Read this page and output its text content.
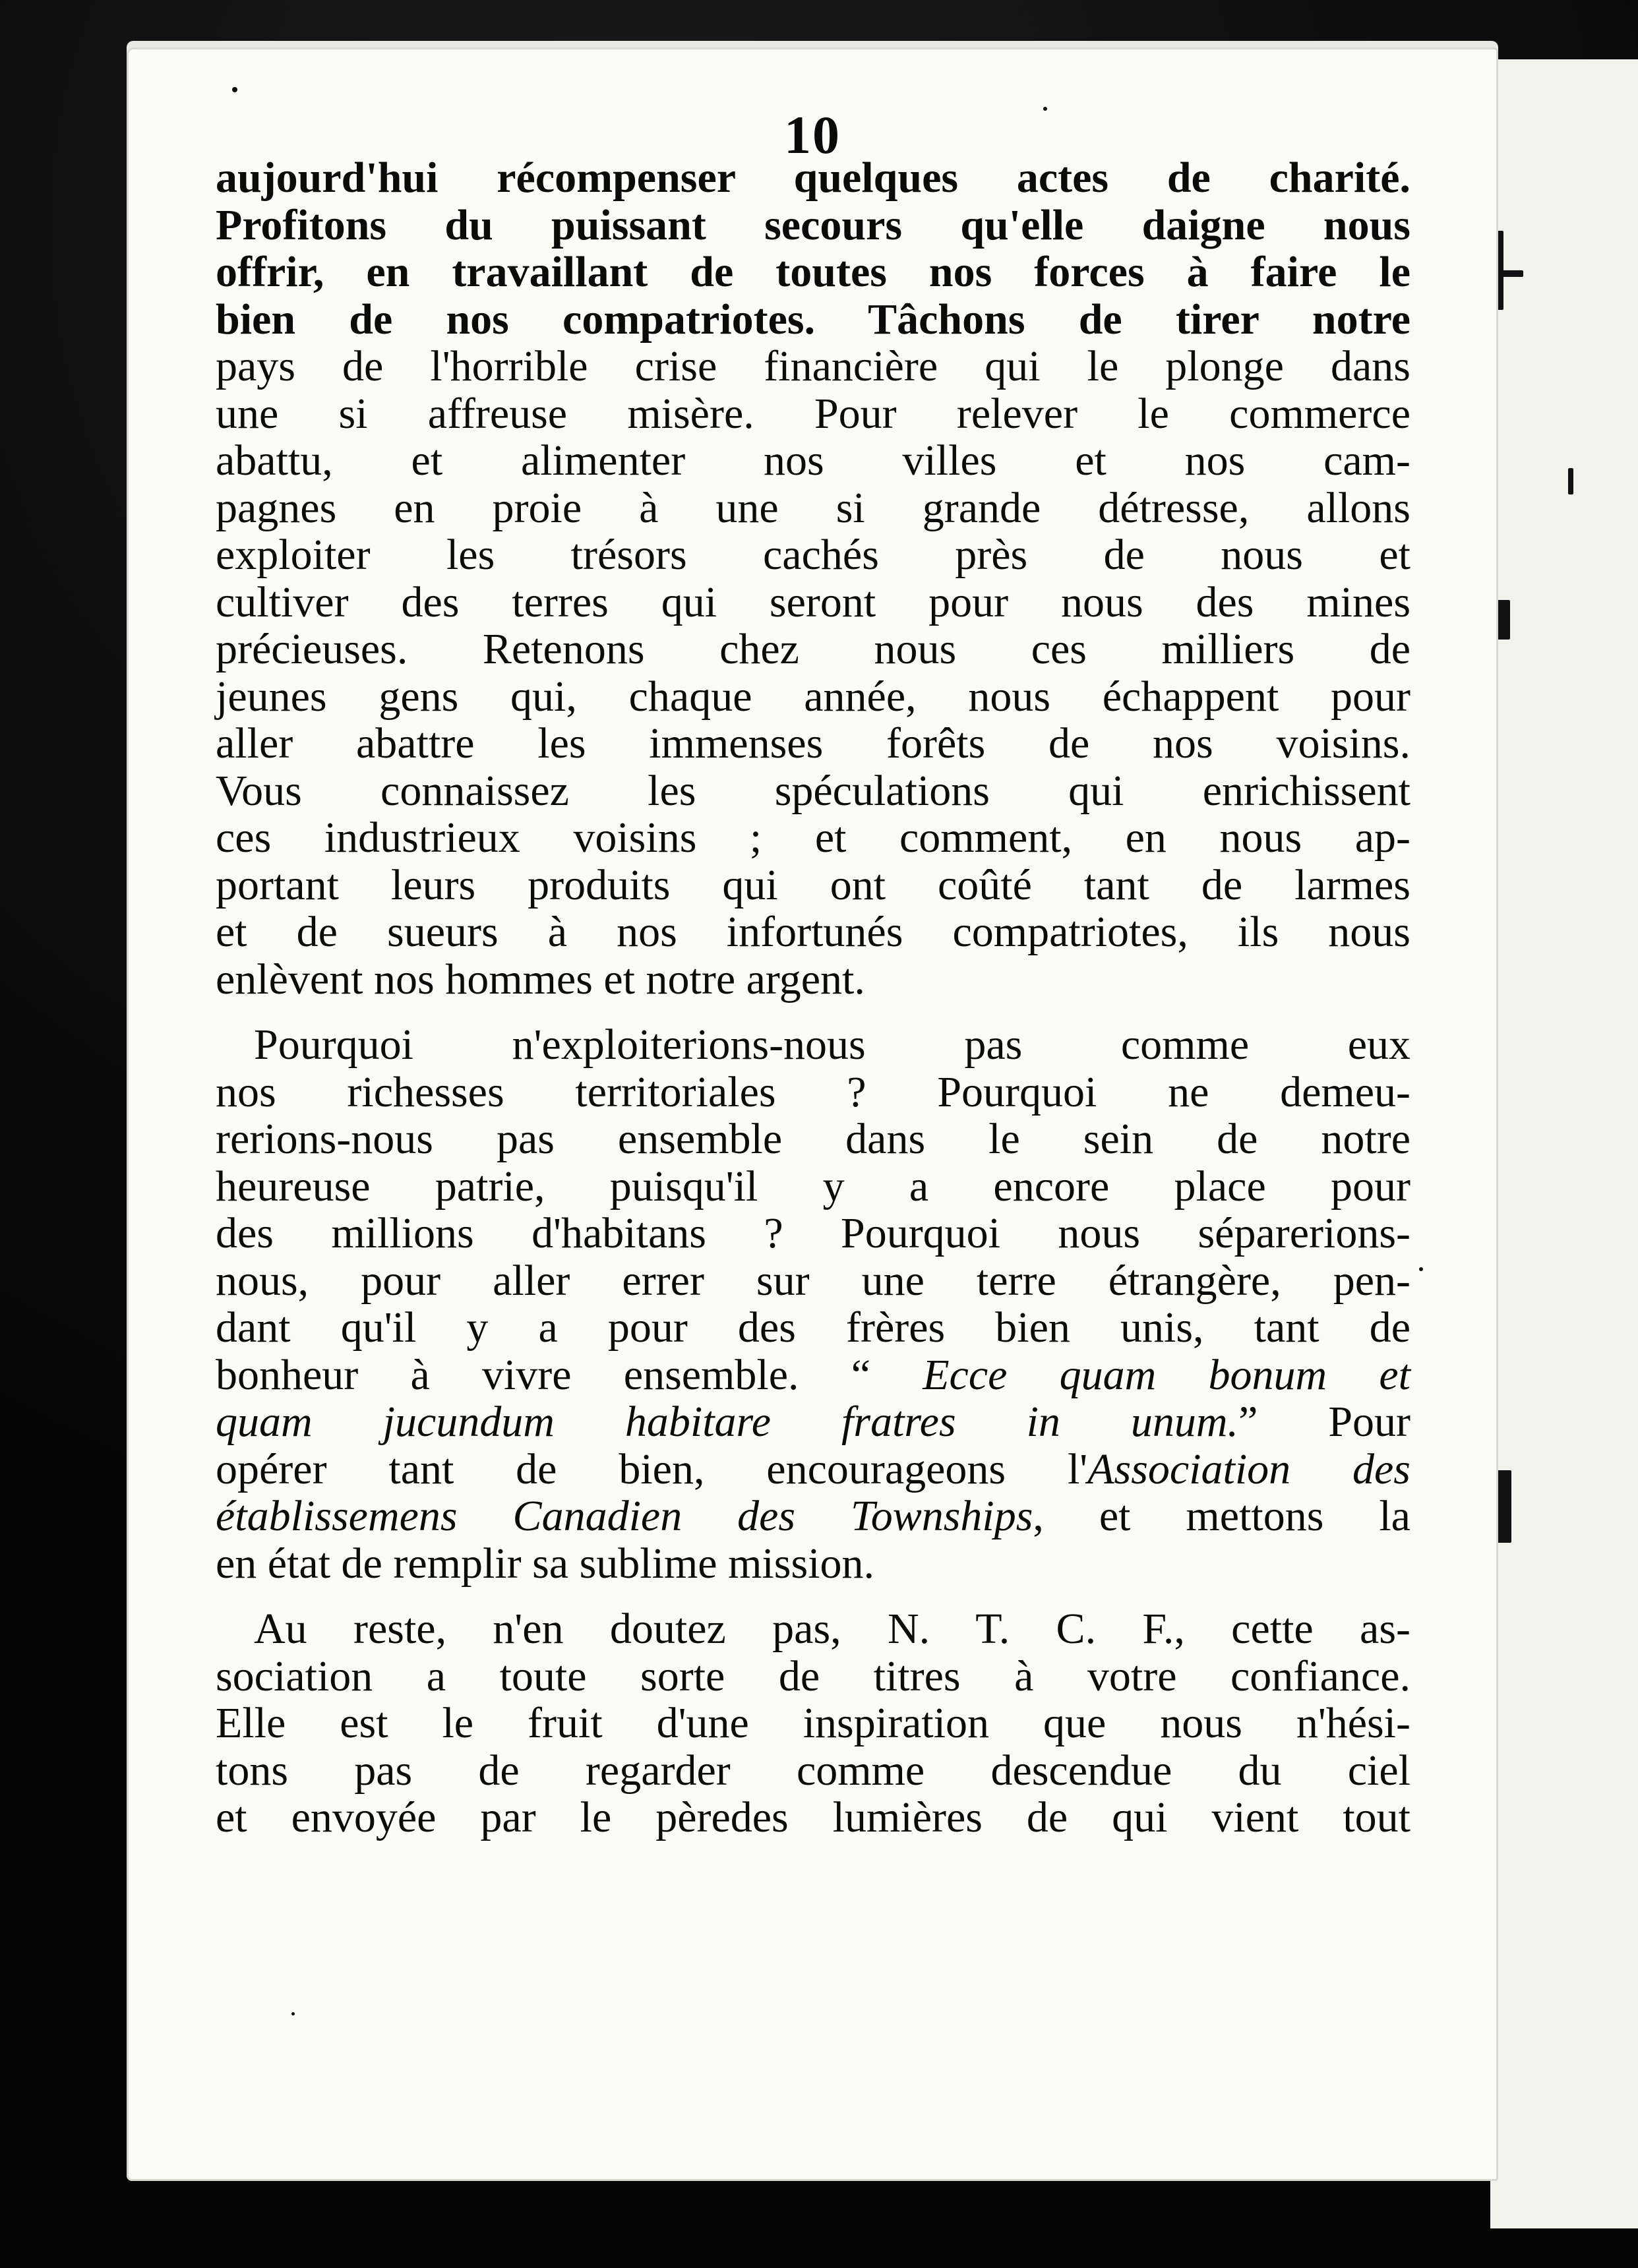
10
aujourd'hui récompenser quelques actes de charité.
Profitons du puissant secours qu'elle daigne nous
offrir, en travaillant de toutes nos forces à faire le
bien de nos compatriotes. Tâchons de tirer notre
pays de l'horrible crise financière qui le plonge dans
une si affreuse misère. Pour relever le commerce
abattu, et alimenter nos villes et nos cam-
pagnes en proie à une si grande détresse, allons
exploiter les trésors cachés près de nous et
cultiver des terres qui seront pour nous des mines
précieuses. Retenons chez nous ces milliers de
jeunes gens qui, chaque année, nous échappent pour
aller abattre les immenses forêts de nos voisins.
Vous connaissez les spéculations qui enrichissent
ces industrieux voisins ; et comment, en nous ap-
portant leurs produits qui ont coûté tant de larmes
et de sueurs à nos infortunés compatriotes, ils nous
enlèvent nos hommes et notre argent.
Pourquoi n'exploiterions-nous pas comme eux
nos richesses territoriales ? Pourquoi ne demeu-
rerions-nous pas ensemble dans le sein de notre
heureuse patrie, puisqu'il y a encore place pour
des millions d'habitans ? Pourquoi nous séparerions-
nous, pour aller errer sur une terre étrangère, pen-
dant qu'il y a pour des frères bien unis, tant de
bonheur à vivre ensemble. “ Ecce quam bonum et
quam jucundum habitare fratres in unum.” Pour
opérer tant de bien, encourageons l'Association des
établissemens Canadien des Townships, et mettons la
en état de remplir sa sublime mission.
Au reste, n'en doutez pas, N. T. C. F., cette as-
sociation a toute sorte de titres à votre confiance.
Elle est le fruit d'une inspiration que nous n'hési-
tons pas de regarder comme descendue du ciel
et envoyée par le pèredes lumières de qui vient tout
